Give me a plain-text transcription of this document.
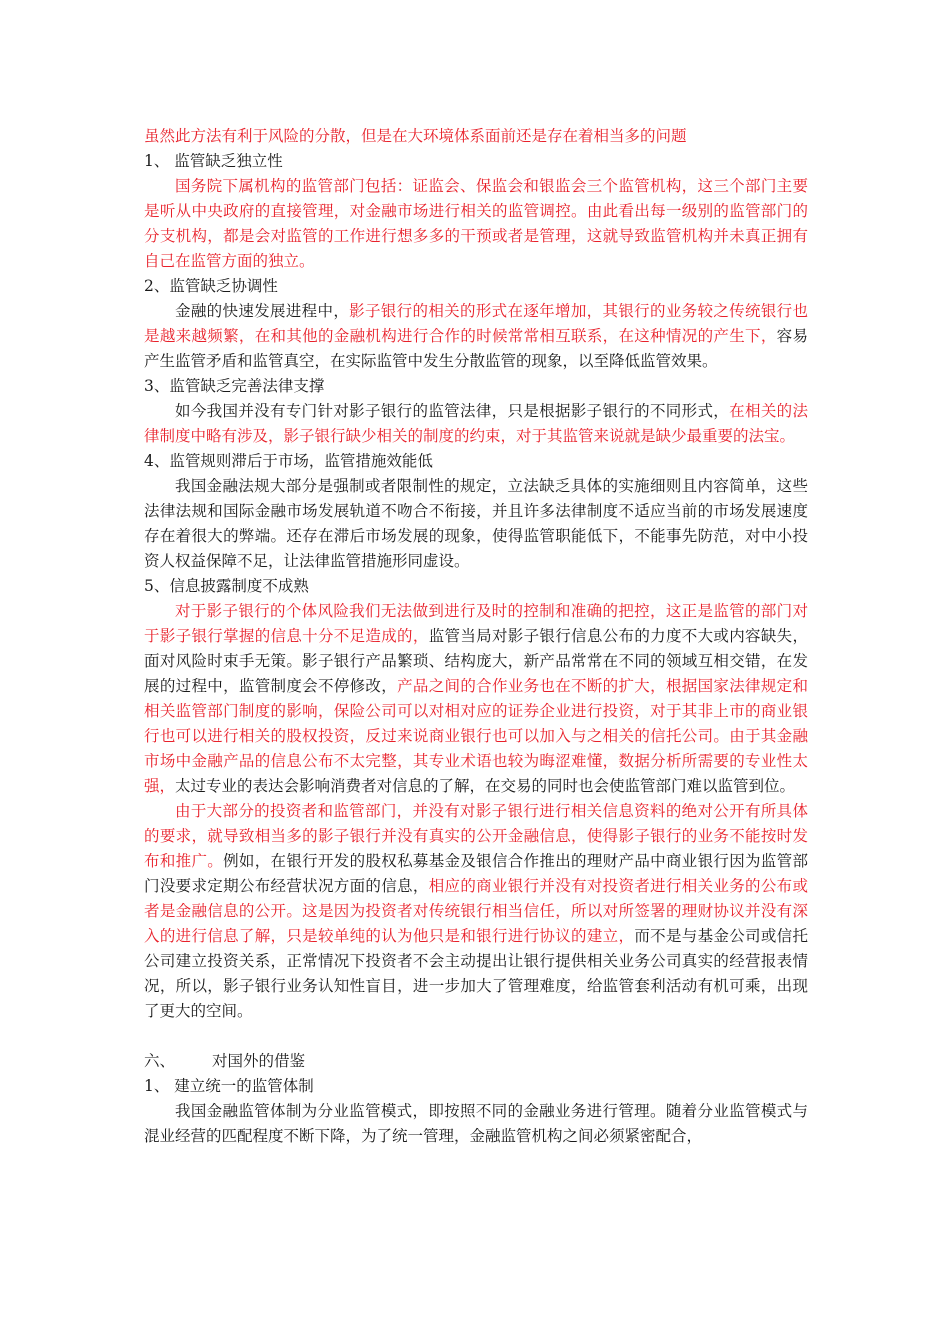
虽然此方法有利于风险的分散，但是在大环境体系面前还是存在着相当多的问题

1、 监管缺乏独立性

国务院下属机构的监管部门包括：证监会、保监会和银监会三个监管机构，这三个部门主要是听从中央政府的直接管理，对金融市场进行相关的监管调控。由此看出每一级别的监管部门的分支机构，都是会对监管的工作进行想多多的干预或者是管理，这就导致监管机构并未真正拥有自己在监管方面的独立。

2、监管缺乏协调性

金融的快速发展进程中，影子银行的相关的形式在逐年增加，其银行的业务较之传统银行也是越来越频繁，在和其他的金融机构进行合作的时候常常相互联系，在这种情况的产生下，容易产生监管矛盾和监管真空，在实际监管中发生分散监管的现象，以至降低监管效果。

3、监管缺乏完善法律支撑

如今我国并没有专门针对影子银行的监管法律，只是根据影子银行的不同形式，在相关的法律制度中略有涉及，影子银行缺少相关的制度的约束，对于其监管来说就是缺少最重要的法宝。

4、监管规则滞后于市场，监管措施效能低

我国金融法规大部分是强制或者限制性的规定，立法缺乏具体的实施细则且内容简单，这些法律法规和国际金融市场发展轨道不吻合不衔接，并且许多法律制度不适应当前的市场发展速度存在着很大的弊端。还存在滞后市场发展的现象，使得监管职能低下，不能事先防范，对中小投资人权益保障不足，让法律监管措施形同虚设。

5、信息披露制度不成熟

对于影子银行的个体风险我们无法做到进行及时的控制和准确的把控，这正是监管的部门对于影子银行掌握的信息十分不足造成的，监管当局对影子银行信息公布的力度不大或内容缺失，面对风险时束手无策。影子银行产品繁琐、结构庞大，新产品常常在不同的领域互相交错，在发展的过程中，监管制度会不停修改，产品之间的合作业务也在不断的扩大，根据国家法律规定和相关监管部门制度的影响，保险公司可以对相对应的证券企业进行投资，对于其非上市的商业银行也可以进行相关的股权投资，反过来说商业银行也可以加入与之相关的信托公司。由于其金融市场中金融产品的信息公布不太完整，其专业术语也较为晦涩难懂，数据分析所需要的专业性太强，太过专业的表达会影响消费者对信息的了解，在交易的同时也会使监管部门难以监管到位。

由于大部分的投资者和监管部门，并没有对影子银行进行相关信息资料的绝对公开有所具体的要求，就导致相当多的影子银行并没有真实的公开金融信息，使得影子银行的业务不能按时发布和推广。例如，在银行开发的股权私募基金及银信合作推出的理财产品中商业银行因为监管部门没要求定期公布经营状况方面的信息，相应的商业银行并没有对投资者进行相关业务的公布或者是金融信息的公开。这是因为投资者对传统银行相当信任，所以对所签署的理财协议并没有深入的进行信息了解，只是较单纯的认为他只是和银行进行协议的建立，而不是与基金公司或信托公司建立投资关系，正常情况下投资者不会主动提出让银行提供相关业务公司真实的经营报表情况，所以，影子银行业务认知性盲目，进一步加大了管理难度，给监管套利活动有机可乘，出现了更大的空间。

六、 对国外的借鉴

1、 建立统一的监管体制

我国金融监管体制为分业监管模式，即按照不同的金融业务进行管理。随着分业监管模式与混业经营的匹配程度不断下降，为了统一管理，金融监管机构之间必须紧密配合，
